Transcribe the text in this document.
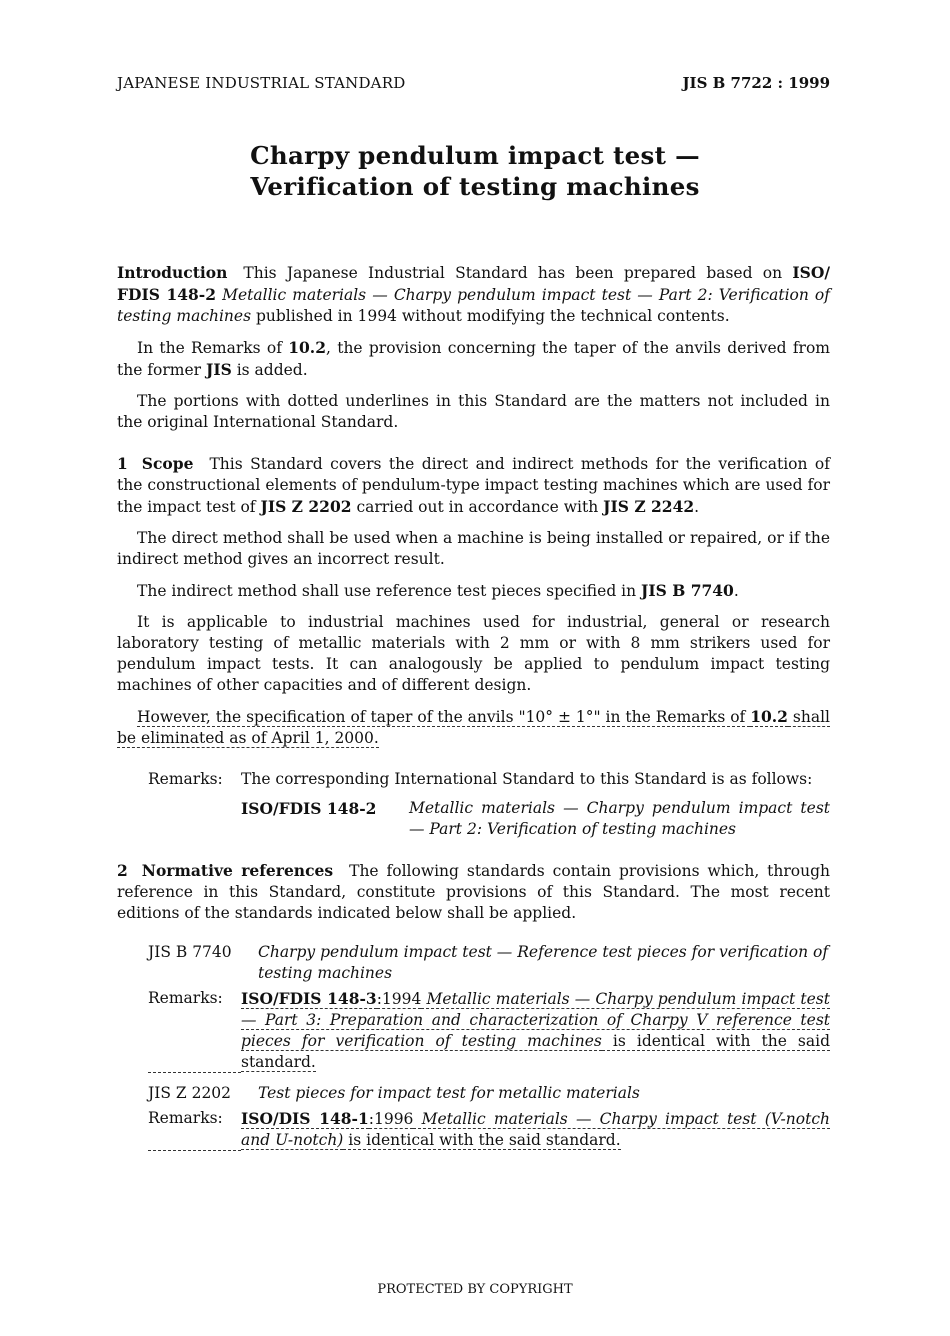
JAPANESE INDUSTRIAL STANDARD	JIS B 7722 : 1999
Charpy pendulum impact test —
Verification of testing machines

Introduction This Japanese Industrial Standard has been prepared based on ISO/ FDIS 148-2 Metallic materials — Charpy pendulum impact test — Part 2: Verification of testing machines published in 1994 without modifying the technical contents.

In the Remarks of 10.2, the provision concerning the taper of the anvils derived from the former JIS is added.

The portions with dotted underlines in this Standard are the matters not included in the original International Standard.

1 Scope This Standard covers the direct and indirect methods for the verification of the constructional elements of pendulum-type impact testing machines which are used for the impact test of JIS Z 2202 carried out in accordance with JIS Z 2242.

The direct method shall be used when a machine is being installed or repaired, or if the indirect method gives an incorrect result.

The indirect method shall use reference test pieces specified in JIS B 7740.

It is applicable to industrial machines used for industrial, general or research laboratory testing of metallic materials with 2 mm or with 8 mm strikers used for pendulum impact tests. It can analogously be applied to pendulum impact testing machines of other capacities and of different design.

However, the specification of taper of the anvils "10° ± 1°" in the Remarks of 10.2 shall be eliminated as of April 1, 2000.

Remarks:	The corresponding International Standard to this Standard is as follows:
ISO/FDIS 148-2	Metallic materials — Charpy pendulum impact test — Part 2: Verification of testing machines

2 Normative references The following standards contain provisions which, through reference in this Standard, constitute provisions of this Standard. The most recent editions of the standards indicated below shall be applied.

JIS B 7740	Charpy pendulum impact test — Reference test pieces for verification of testing machines
Remarks:	ISO/FDIS 148-3:1994 Metallic materials — Charpy pendulum impact test — Part 3: Preparation and characterization of Charpy V reference test pieces for verification of testing machines is identical with the said standard.
JIS Z 2202	Test pieces for impact test for metallic materials
Remarks:	ISO/DIS 148-1:1996 Metallic materials — Charpy impact test (V-notch and U-notch) is identical with the said standard.
PROTECTED BY COPYRIGHT
